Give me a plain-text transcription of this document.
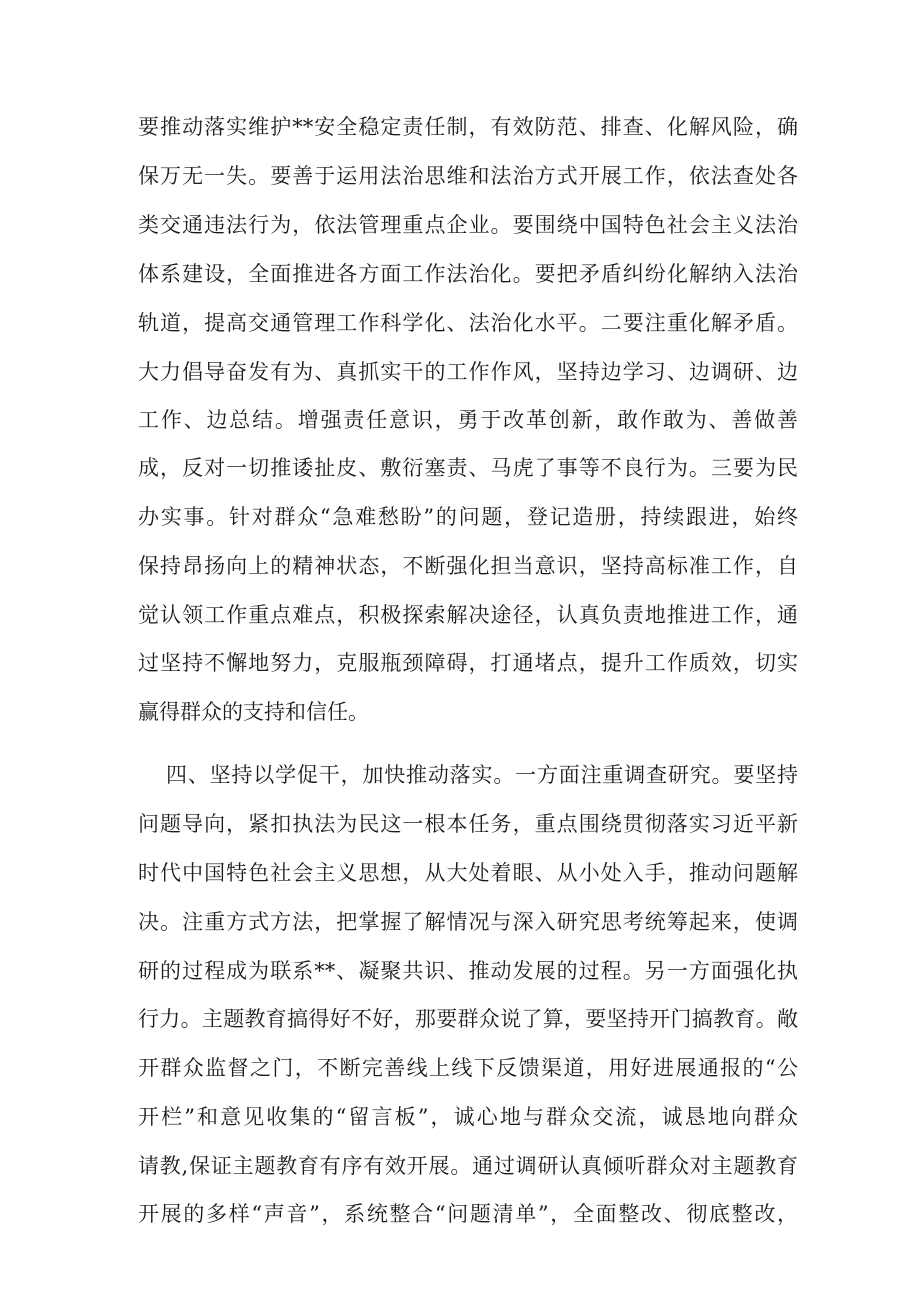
要推动落实维护**安全稳定责任制，有效防范、排查、化解风险，确
保万无一失。要善于运用法治思维和法治方式开展工作，依法查处各
类交通违法行为，依法管理重点企业。要围绕中国特色社会主义法治
体系建设，全面推进各方面工作法治化。要把矛盾纠纷化解纳入法治
轨道，提高交通管理工作科学化、法治化水平。二要注重化解矛盾。
大力倡导奋发有为、真抓实干的工作作风，坚持边学习、边调研、边
工作、边总结。增强责任意识，勇于改革创新，敢作敢为、善做善
成，反对一切推诿扯皮、敷衍塞责、马虎了事等不良行为。三要为民
办实事。针对群众“急难愁盼”的问题，登记造册，持续跟进，始终
保持昂扬向上的精神状态，不断强化担当意识，坚持高标准工作，自
觉认领工作重点难点，积极探索解决途径，认真负责地推进工作，通
过坚持不懈地努力，克服瓶颈障碍，打通堵点，提升工作质效，切实
赢得群众的支持和信任。
四、坚持以学促干，加快推动落实。一方面注重调查研究。要坚持
问题导向，紧扣执法为民这一根本任务，重点围绕贯彻落实习近平新
时代中国特色社会主义思想，从大处着眼、从小处入手，推动问题解
决。注重方式方法，把掌握了解情况与深入研究思考统筹起来，使调
研的过程成为联系**、凝聚共识、推动发展的过程。另一方面强化执
行力。主题教育搞得好不好，那要群众说了算，要坚持开门搞教育。敞
开群众监督之门，不断完善线上线下反馈渠道，用好进展通报的“公
开栏”和意见收集的“留言板”，诚心地与群众交流，诚恳地向群众
请教,保证主题教育有序有效开展。通过调研认真倾听群众对主题教育
开展的多样“声音”，系统整合“问题清单”，全面整改、彻底整改，
